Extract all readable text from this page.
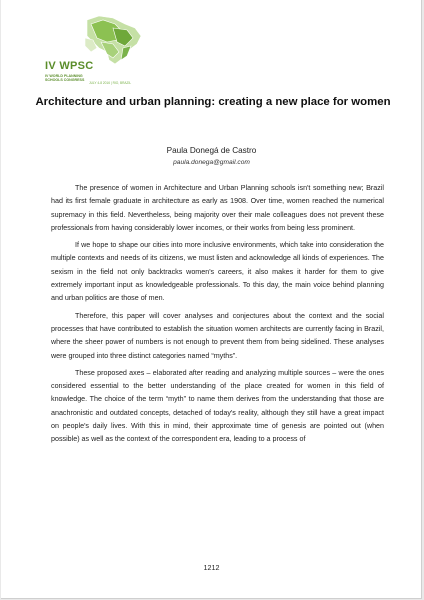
IV WPSC
IV WORLD PLANNING SCHOOLS CONGRESS
JULY 4-8 2016 | RIO, BRAZIL
Architecture and urban planning: creating a new place for women
Paula Donegá de Castro
paula.donega@gmail.com

The presence of women in Architecture and Urban Planning schools isn't something new; Brazil had its first female graduate in architecture as early as 1908. Over time, women reached the numerical supremacy in this field. Nevertheless, being majority over their male colleagues does not prevent these professionals from having considerably lower incomes, or their works from being less prominent.

If we hope to shape our cities into more inclusive environments, which take into consideration the multiple contexts and needs of its citizens, we must listen and acknowledge all kinds of experiences. The sexism in the field not only backtracks women's careers, it also makes it harder for them to give extremely important input as knowledgeable professionals. To this day, the main voice behind planning and urban politics are those of men.

Therefore, this paper will cover analyses and conjectures about the context and the social processes that have contributed to establish the situation women architects are currently facing in Brazil, where the sheer power of numbers is not enough to prevent them from being sidelined. These analyses were grouped into three distinct categories named “myths”.

These proposed axes – elaborated after reading and analyzing multiple sources – were the ones considered essential to the better understanding of the place created for women in this field of knowledge. The choice of the term “myth” to name them derives from the understanding that those are anachronistic and outdated concepts, detached of today's reality, although they still have a great impact on people's daily lives. With this in mind, their approximate time of genesis are pointed out (when possible) as well as the context of the correspondent era, leading to a process of

1212
